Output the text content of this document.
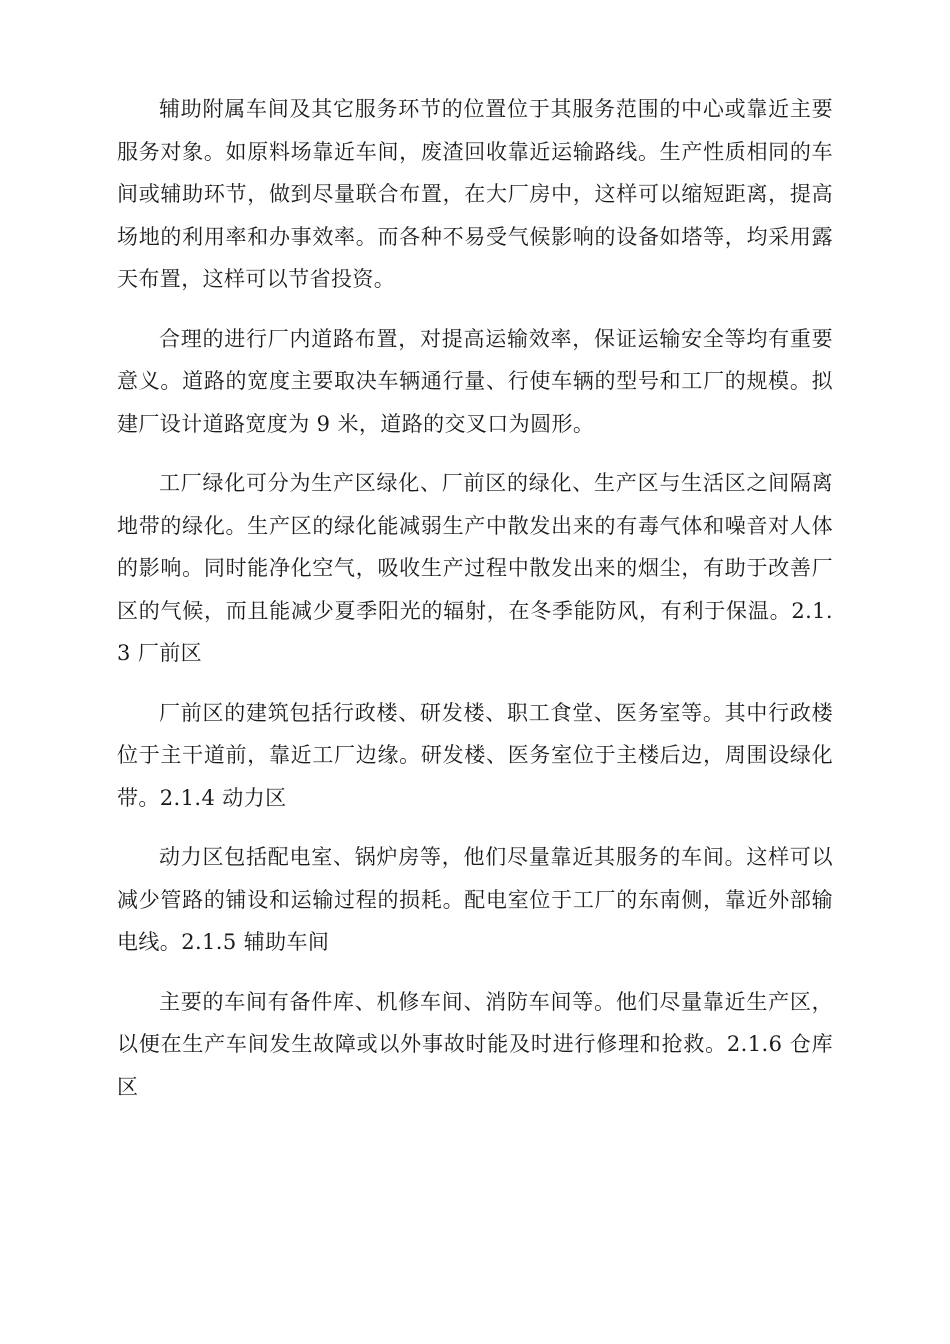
辅助附属车间及其它服务环节的位置位于其服务范围的中心或靠近主要服务对象。如原料场靠近车间，废渣回收靠近运输路线。生产性质相同的车间或辅助环节，做到尽量联合布置，在大厂房中，这样可以缩短距离，提高场地的利用率和办事效率。而各种不易受气候影响的设备如塔等，均采用露天布置，这样可以节省投资。

合理的进行厂内道路布置，对提高运输效率，保证运输安全等均有重要意义。道路的宽度主要取决车辆通行量、行使车辆的型号和工厂的规模。拟建厂设计道路宽度为 9 米，道路的交叉口为圆形。

工厂绿化可分为生产区绿化、厂前区的绿化、生产区与生活区之间隔离地带的绿化。生产区的绿化能减弱生产中散发出来的有毒气体和噪音对人体的影响。同时能净化空气，吸收生产过程中散发出来的烟尘，有助于改善厂区的气候，而且能减少夏季阳光的辐射，在冬季能防风，有利于保温。2.1.3 厂前区

厂前区的建筑包括行政楼、研发楼、职工食堂、医务室等。其中行政楼位于主干道前，靠近工厂边缘。研发楼、医务室位于主楼后边，周围设绿化带。2.1.4 动力区

动力区包括配电室、锅炉房等，他们尽量靠近其服务的车间。这样可以减少管路的铺设和运输过程的损耗。配电室位于工厂的东南侧，靠近外部输电线。2.1.5 辅助车间

主要的车间有备件库、机修车间、消防车间等。他们尽量靠近生产区，以便在生产车间发生故障或以外事故时能及时进行修理和抢救。2.1.6 仓库区
